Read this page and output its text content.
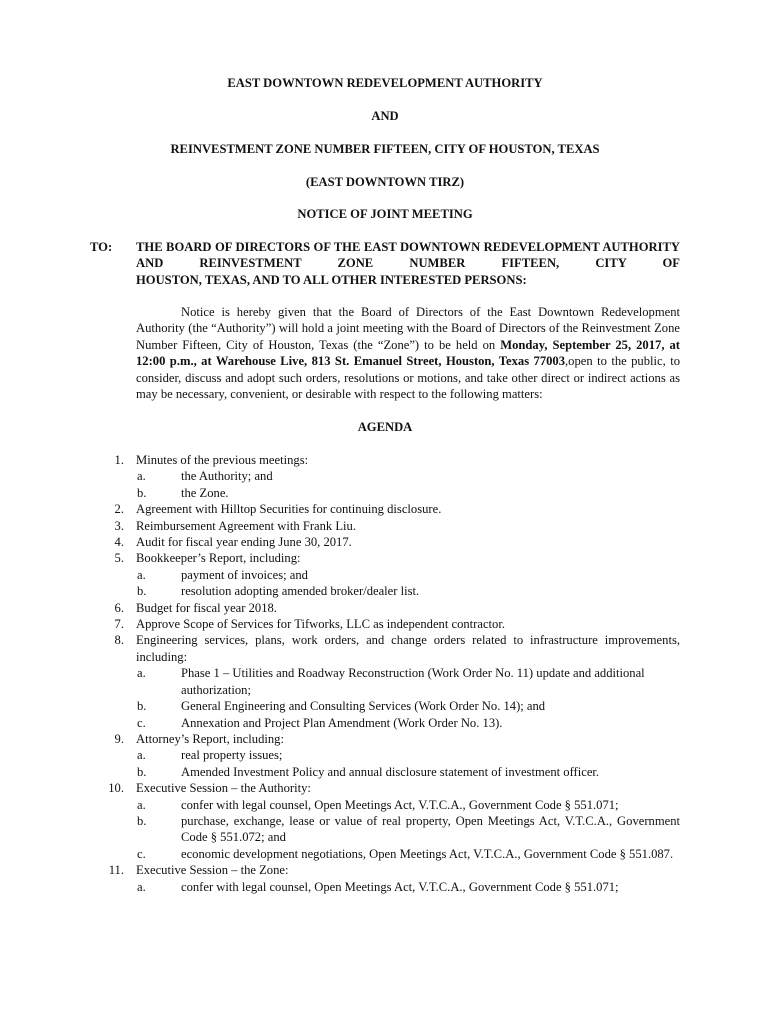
EAST DOWNTOWN REDEVELOPMENT AUTHORITY
AND
REINVESTMENT ZONE NUMBER FIFTEEN, CITY OF HOUSTON, TEXAS
(EAST DOWNTOWN TIRZ)
NOTICE OF JOINT MEETING
TO: THE BOARD OF DIRECTORS OF THE EAST DOWNTOWN REDEVELOPMENT AUTHORITY AND REINVESTMENT ZONE NUMBER FIFTEEN, CITY OF
HOUSTON, TEXAS, AND TO ALL OTHER INTERESTED PERSONS:
Notice is hereby given that the Board of Directors of the East Downtown Redevelopment Authority (the “Authority”) will hold a joint meeting with the Board of Directors of the Reinvestment Zone Number Fifteen, City of Houston, Texas (the “Zone”) to be held on Monday, September 25, 2017, at 12:00 p.m., at Warehouse Live, 813 St. Emanuel Street, Houston, Texas 77003,open to the public, to consider, discuss and adopt such orders, resolutions or motions, and take other direct or indirect actions as may be necessary, convenient, or desirable with respect to the following matters:
AGENDA
1. Minutes of the previous meetings:
a.	the Authority; and
b.	the Zone.
2. Agreement with Hilltop Securities for continuing disclosure.
3. Reimbursement Agreement with Frank Liu.
4. Audit for fiscal year ending June 30, 2017.
5. Bookkeeper’s Report, including:
a.	payment of invoices; and
b.	resolution adopting amended broker/dealer list.
6. Budget for fiscal year 2018.
7. Approve Scope of Services for Tifworks, LLC as independent contractor.
8. Engineering services, plans, work orders, and change orders related to infrastructure improvements, including:
a.	Phase 1 – Utilities and Roadway Reconstruction (Work Order No. 11) update and additional authorization;
b.	General Engineering and Consulting Services (Work Order No. 14); and
c.	Annexation and Project Plan Amendment (Work Order No. 13).
9. Attorney’s Report, including:
a.	real property issues;
b.	Amended Investment Policy and annual disclosure statement of investment officer.
10. Executive Session – the Authority:
a.	confer with legal counsel, Open Meetings Act, V.T.C.A., Government Code § 551.071;
b.	purchase, exchange, lease or value of real property, Open Meetings Act, V.T.C.A., Government Code § 551.072; and
c.	economic development negotiations, Open Meetings Act, V.T.C.A., Government Code § 551.087.
11. Executive Session – the Zone:
a.	confer with legal counsel, Open Meetings Act, V.T.C.A., Government Code § 551.071;
